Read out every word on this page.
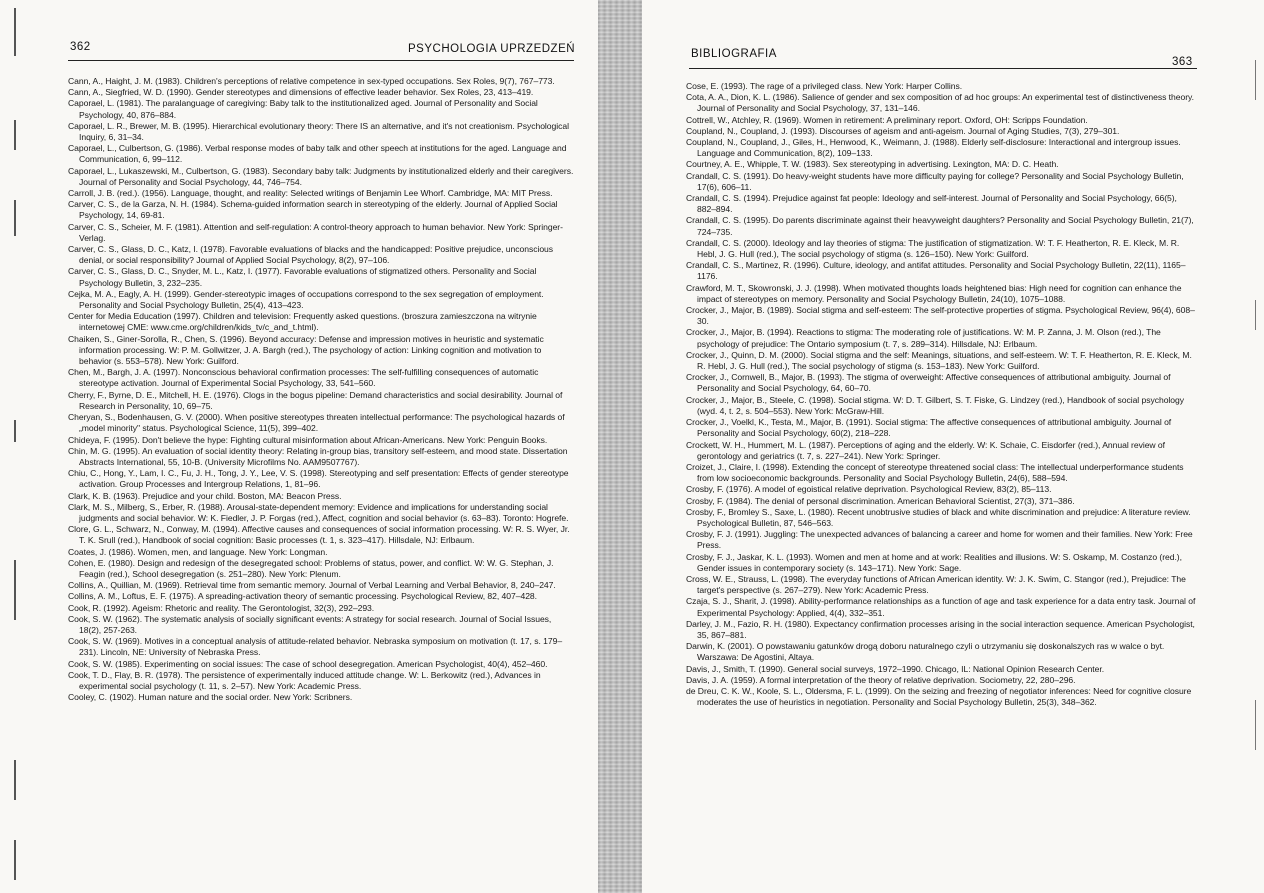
362	PSYCHOLOGIA UPRZEDZEŃ

Cann, A., Haight, J. M. (1983). Children's perceptions of relative competence in sex-typed occupations. Sex Roles, 9(7), 767–773.

Cann, A., Siegfried, W. D. (1990). Gender stereotypes and dimensions of effective leader behavior. Sex Roles, 23, 413–419.

Caporael, L. (1981). The paralanguage of caregiving: Baby talk to the institutionalized aged. Journal of Personality and Social Psychology, 40, 876–884.

Caporael, L. R., Brewer, M. B. (1995). Hierarchical evolutionary theory: There IS an alternative, and it's not creationism. Psychological Inquiry, 6, 31–34.

Caporael, L., Culbertson, G. (1986). Verbal response modes of baby talk and other speech at institutions for the aged. Language and Communication, 6, 99–112.

Caporael, L., Lukaszewski, M., Culbertson, G. (1983). Secondary baby talk: Judgments by institutionalized elderly and their caregivers. Journal of Personality and Social Psychology, 44, 746–754.

Carroll, J. B. (red.). (1956). Language, thought, and reality: Selected writings of Benjamin Lee Whorf. Cambridge, MA: MIT Press.

Carver, C. S., de la Garza, N. H. (1984). Schema-guided information search in stereotyping of the elderly. Journal of Applied Social Psychology, 14, 69-81.

Carver, C. S., Scheier, M. F. (1981). Attention and self-regulation: A control-theory approach to human behavior. New York: Springer-Verlag.

Carver, C. S., Glass, D. C., Katz, I. (1978). Favorable evaluations of blacks and the handicapped: Positive prejudice, unconscious denial, or social responsibility? Journal of Applied Social Psychology, 8(2), 97–106.

Carver, C. S., Glass, D. C., Snyder, M. L., Katz, I. (1977). Favorable evaluations of stigmatized others. Personality and Social Psychology Bulletin, 3, 232–235.

Cejka, M. A., Eagly, A. H. (1999). Gender-stereotypic images of occupations correspond to the sex segregation of employment. Personality and Social Psychology Bulletin, 25(4), 413–423.

Center for Media Education (1997). Children and television: Frequently asked questions. (broszura zamieszczona na witrynie internetowej CME: www.cme.org/children/kids_tv/c_and_t.html).

Chaiken, S., Giner-Sorolla, R., Chen, S. (1996). Beyond accuracy: Defense and impression motives in heuristic and systematic information processing. W: P. M. Gollwitzer, J. A. Bargh (red.), The psychology of action: Linking cognition and motivation to behavior (s. 553–578). New York: Guilford.

Chen, M., Bargh, J. A. (1997). Nonconscious behavioral confirmation processes: The self-fulfilling consequences of automatic stereotype activation. Journal of Experimental Social Psychology, 33, 541–560.

Cherry, F., Byrne, D. E., Mitchell, H. E. (1976). Clogs in the bogus pipeline: Demand characteristics and social desirability. Journal of Research in Personality, 10, 69–75.

Cheryan, S., Bodenhausen, G. V. (2000). When positive stereotypes threaten intellectual performance: The psychological hazards of „model minority" status. Psychological Science, 11(5), 399–402.

Chideya, F. (1995). Don't believe the hype: Fighting cultural misinformation about African-Americans. New York: Penguin Books.

Chin, M. G. (1995). An evaluation of social identity theory: Relating in-group bias, transitory self-esteem, and mood state. Dissertation Abstracts International, 55, 10-B. (University Microfilms No. AAM9507767).

Chiu, C., Hong, Y., Lam, I. C., Fu, J. H., Tong, J. Y., Lee, V. S. (1998). Stereotyping and self presentation: Effects of gender stereotype activation. Group Processes and Intergroup Relations, 1, 81–96.

Clark, K. B. (1963). Prejudice and your child. Boston, MA: Beacon Press.

Clark, M. S., Milberg, S., Erber, R. (1988). Arousal-state-dependent memory: Evidence and implications for understanding social judgments and social behavior. W: K. Fiedler, J. P. Forgas (red.), Affect, cognition and social behavior (s. 63–83). Toronto: Hogrefe.

Clore, G. L., Schwarz, N., Conway, M. (1994). Affective causes and consequences of social information processing. W: R. S. Wyer, Jr. T. K. Srull (red.), Handbook of social cognition: Basic processes (t. 1, s. 323–417). Hillsdale, NJ: Erlbaum.

Coates, J. (1986). Women, men, and language. New York: Longman.

Cohen, E. (1980). Design and redesign of the desegregated school: Problems of status, power, and conflict. W: W. G. Stephan, J. Feagin (red.), School desegregation (s. 251–280). New York: Plenum.

Collins, A., Quillian, M. (1969). Retrieval time from semantic memory. Journal of Verbal Learning and Verbal Behavior, 8, 240–247.

Collins, A. M., Loftus, E. F. (1975). A spreading-activation theory of semantic processing. Psychological Review, 82, 407–428.

Cook, R. (1992). Ageism: Rhetoric and reality. The Gerontologist, 32(3), 292–293.

Cook, S. W. (1962). The systematic analysis of socially significant events: A strategy for social research. Journal of Social Issues, 18(2), 257-263.

Cook, S. W. (1969). Motives in a conceptual analysis of attitude-related behavior. Nebraska symposium on motivation (t. 17, s. 179–231). Lincoln, NE: University of Nebraska Press.

Cook, S. W. (1985). Experimenting on social issues: The case of school desegregation. American Psychologist, 40(4), 452–460.

Cook, T. D., Flay, B. R. (1978). The persistence of experimentally induced attitude change. W: L. Berkowitz (red.), Advances in experimental social psychology (t. 11, s. 2–57). New York: Academic Press.

Cooley, C. (1902). Human nature and the social order. New York: Scribners.

BIBLIOGRAFIA
363

Cose, E. (1993). The rage of a privileged class. New York: Harper Collins.

Cota, A. A., Dion, K. L. (1986). Salience of gender and sex composition of ad hoc groups: An experimental test of distinctiveness theory. Journal of Personality and Social Psychology, 37, 131–146.

Cottrell, W., Atchley, R. (1969). Women in retirement: A preliminary report. Oxford, OH: Scripps Foundation.

Coupland, N., Coupland, J. (1993). Discourses of ageism and anti-ageism. Journal of Aging Studies, 7(3), 279–301.

Coupland, N., Coupland, J., Giles, H., Henwood, K., Weimann, J. (1988). Elderly self-disclosure: Interactional and intergroup issues. Language and Communication, 8(2), 109–133.

Courtney, A. E., Whipple, T. W. (1983). Sex stereotyping in advertising. Lexington, MA: D. C. Heath.

Crandall, C. S. (1991). Do heavy-weight students have more difficulty paying for college? Personality and Social Psychology Bulletin, 17(6), 606–11.

Crandall, C. S. (1994). Prejudice against fat people: Ideology and self-interest. Journal of Personality and Social Psychology, 66(5), 882–894.

Crandall, C. S. (1995). Do parents discriminate against their heavyweight daughters? Personality and Social Psychology Bulletin, 21(7), 724–735.

Crandall, C. S. (2000). Ideology and lay theories of stigma: The justification of stigmatization. W: T. F. Heatherton, R. E. Kleck, M. R. Hebl, J. G. Hull (red.), The social psychology of stigma (s. 126–150). New York: Guilford.

Crandall, C. S., Martinez, R. (1996). Culture, ideology, and antifat attitudes. Personality and Social Psychology Bulletin, 22(11), 1165–1176.

Crawford, M. T., Skowronski, J. J. (1998). When motivated thoughts loads heightened bias: High need for cognition can enhance the impact of stereotypes on memory. Personality and Social Psychology Bulletin, 24(10), 1075–1088.

Crocker, J., Major, B. (1989). Social stigma and self-esteem: The self-protective properties of stigma. Psychological Review, 96(4), 608–30.

Crocker, J., Major, B. (1994). Reactions to stigma: The moderating role of justifications. W: M. P. Zanna, J. M. Olson (red.), The psychology of prejudice: The Ontario symposium (t. 7, s. 289–314). Hillsdale, NJ: Erlbaum.

Crocker, J., Quinn, D. M. (2000). Social stigma and the self: Meanings, situations, and self-esteem. W: T. F. Heatherton, R. E. Kleck, M. R. Hebl, J. G. Hull (red.), The social psychology of stigma (s. 153–183). New York: Guilford.

Crocker, J., Cornwell, B., Major, B. (1993). The stigma of overweight: Affective consequences of attributional ambiguity. Journal of Personality and Social Psychology, 64, 60–70.

Crocker, J., Major, B., Steele, C. (1998). Social stigma. W: D. T. Gilbert, S. T. Fiske, G. Lindzey (red.), Handbook of social psychology (wyd. 4, t. 2, s. 504–553). New York: McGraw-Hill.

Crocker, J., Voelkl, K., Testa, M., Major, B. (1991). Social stigma: The affective consequences of attributional ambiguity. Journal of Personality and Social Psychology, 60(2), 218–228.

Crockett, W. H., Hummert, M. L. (1987). Perceptions of aging and the elderly. W: K. Schaie, C. Eisdorfer (red.), Annual review of gerontology and geriatrics (t. 7, s. 227–241). New York: Springer.

Croizet, J., Claire, I. (1998). Extending the concept of stereotype threatened social class: The intellectual underperformance students from low socioeconomic backgrounds. Personality and Social Psychology Bulletin, 24(6), 588–594.

Crosby, F. (1976). A model of egoistical relative deprivation. Psychological Review, 83(2), 85–113.

Crosby, F. (1984). The denial of personal discrimination. American Behavioral Scientist, 27(3), 371–386.

Crosby, F., Bromley S., Saxe, L. (1980). Recent unobtrusive studies of black and white discrimination and prejudice: A literature review. Psychological Bulletin, 87, 546–563.

Crosby, F. J. (1991). Juggling: The unexpected advances of balancing a career and home for women and their families. New York: Free Press.

Crosby, F. J., Jaskar, K. L. (1993). Women and men at home and at work: Realities and illusions. W: S. Oskamp, M. Costanzo (red.), Gender issues in contemporary society (s. 143–171). New York: Sage.

Cross, W. E., Strauss, L. (1998). The everyday functions of African American identity. W: J. K. Swim, C. Stangor (red.), Prejudice: The target's perspective (s. 267–279). New York: Academic Press.

Czaja, S. J., Sharit, J. (1998). Ability-performance relationships as a function of age and task experience for a data entry task. Journal of Experimental Psychology: Applied, 4(4), 332–351.

Darley, J. M., Fazio, R. H. (1980). Expectancy confirmation processes arising in the social interaction sequence. American Psychologist, 35, 867–881.

Darwin, K. (2001). O powstawaniu gatunków drogą doboru naturalnego czyli o utrzymaniu się doskonalszych ras w walce o byt. Warszawa: De Agostini, Altaya.

Davis, J., Smith, T. (1990). General social surveys, 1972–1990. Chicago, IL: National Opinion Research Center.

Davis, J. A. (1959). A formal interpretation of the theory of relative deprivation. Sociometry, 22, 280–296.

de Dreu, C. K. W., Koole, S. L., Oldersma, F. L. (1999). On the seizing and freezing of negotiator inferences: Need for cognitive closure moderates the use of heuristics in negotiation. Personality and Social Psychology Bulletin, 25(3), 348–362.
